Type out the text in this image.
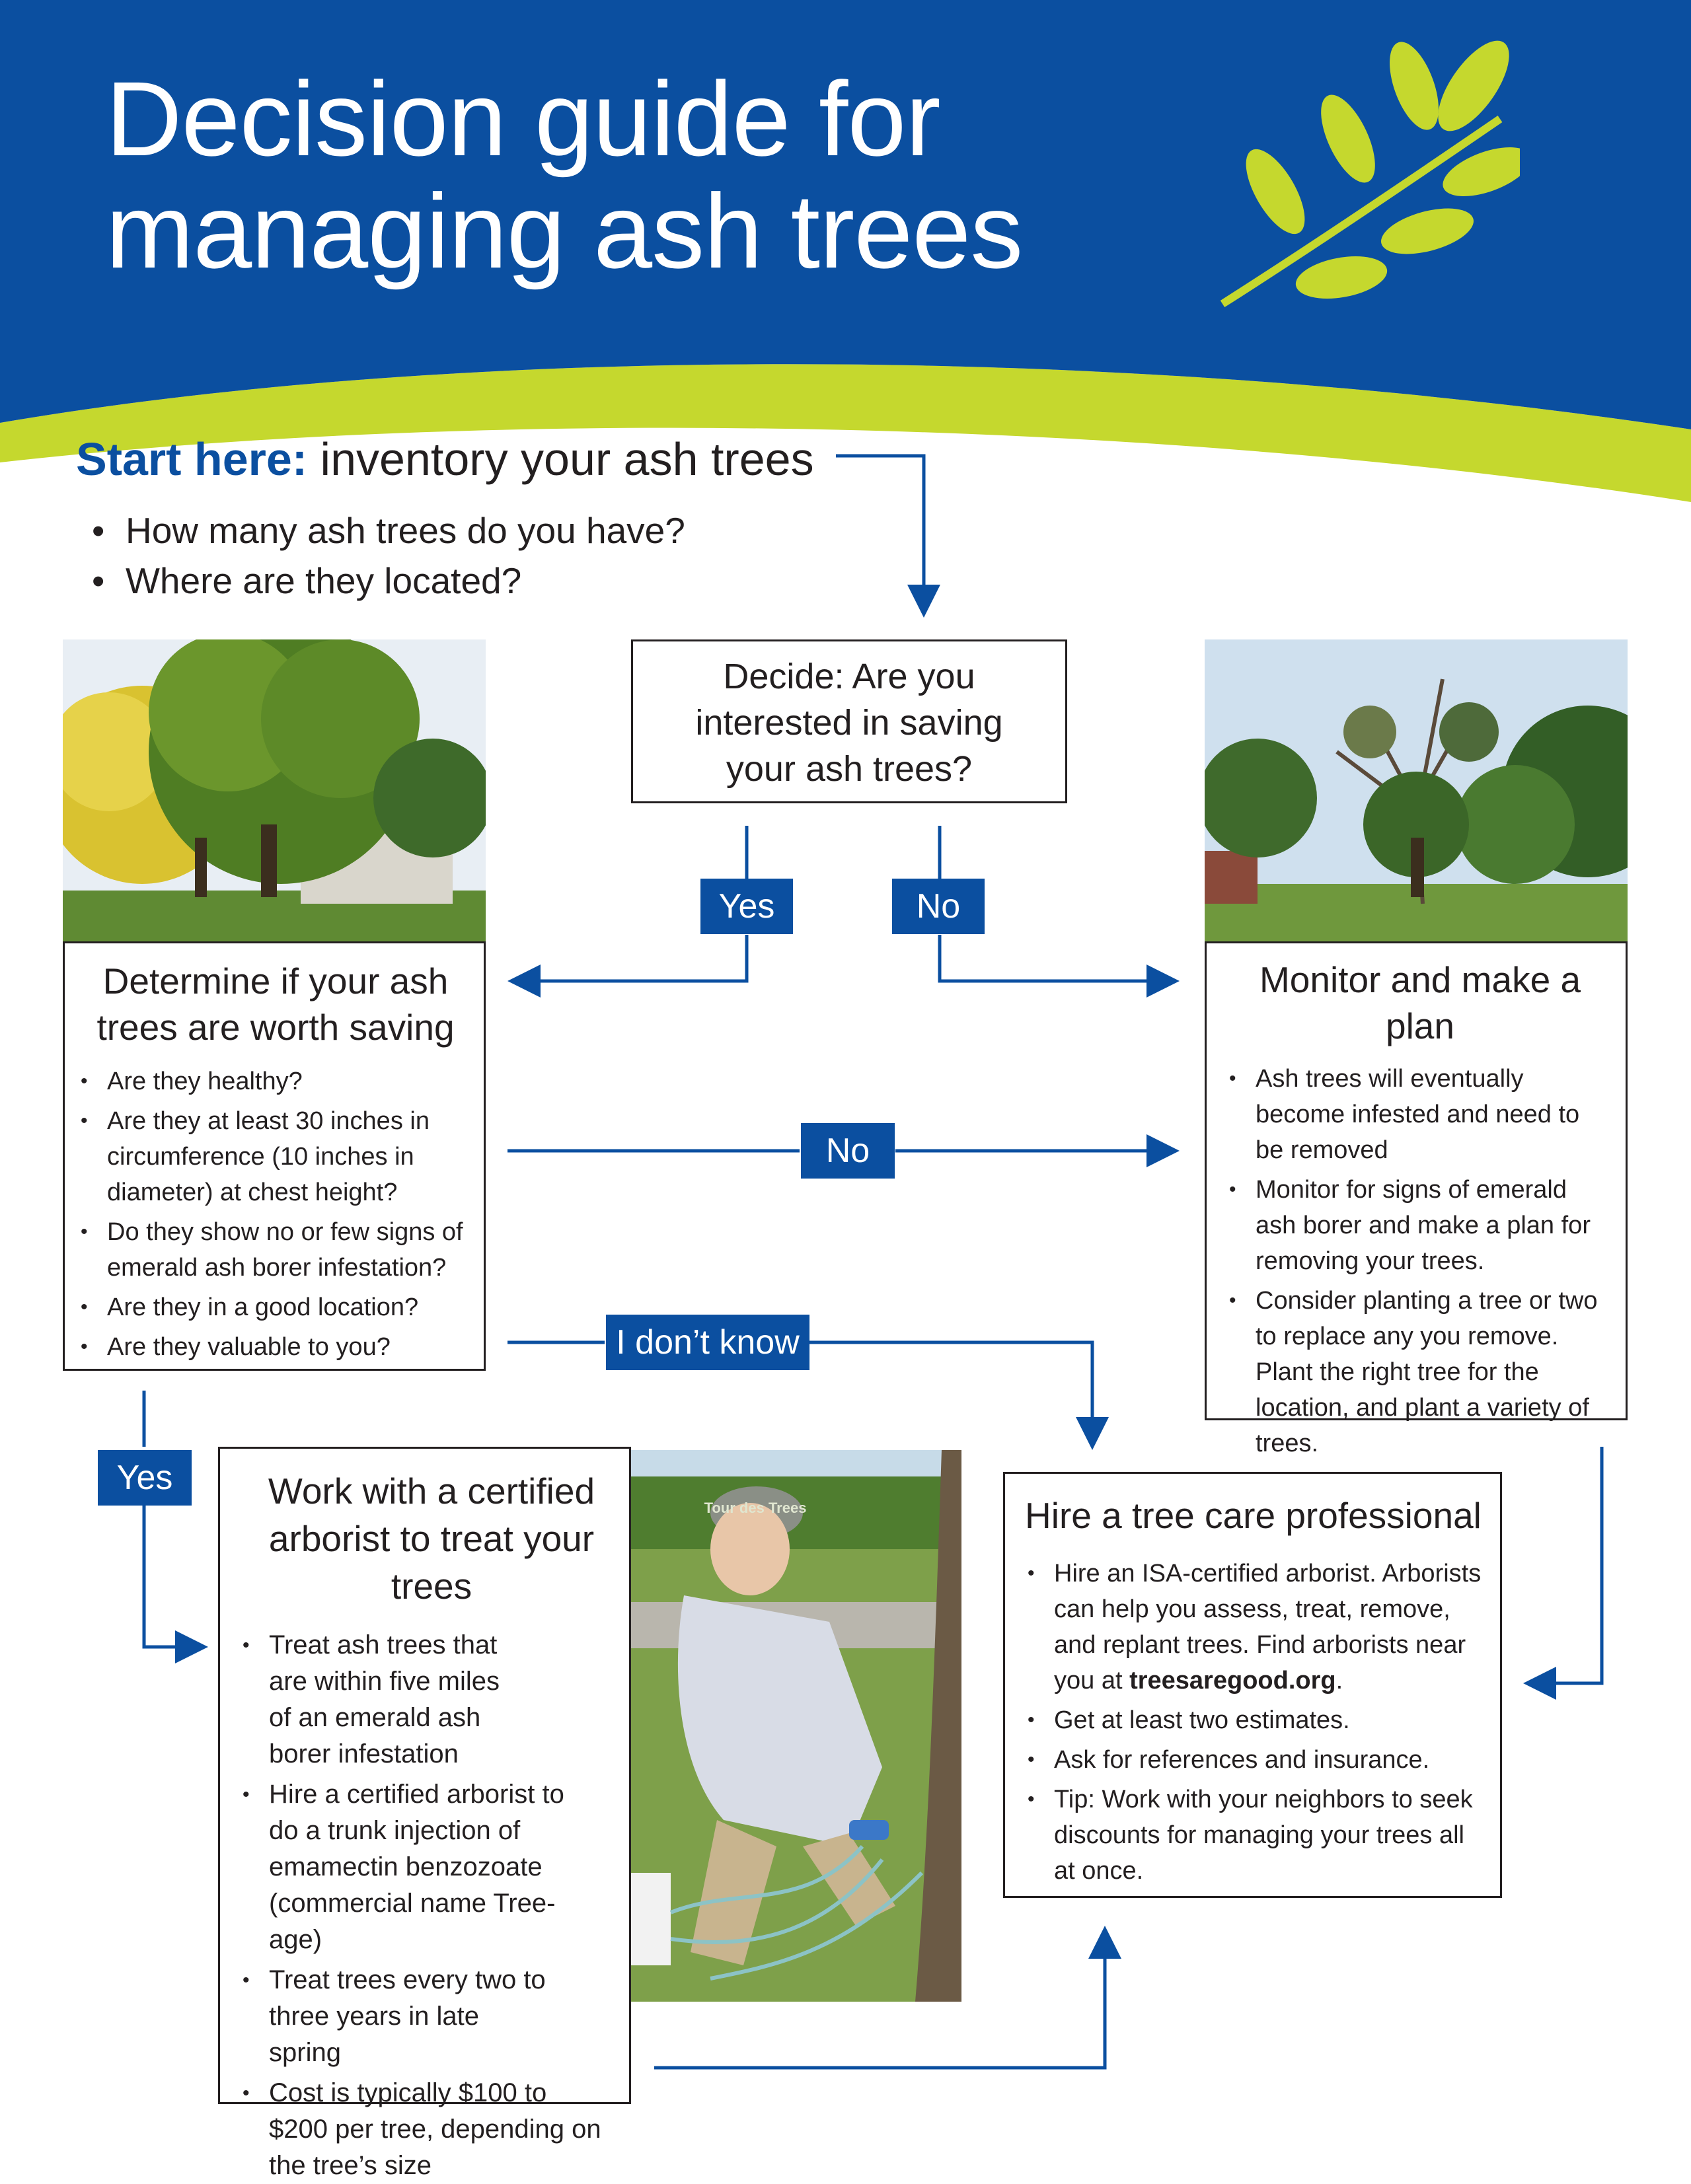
Decision guide for
managing ash trees
Start here: inventory your ash trees
• How many ash trees do you have?
• Where are they located?
Decide: Are you interested in saving your ash trees?
Yes	No
No
I don’t know
Yes
Tour des Trees
Determine if your ash trees are worth saving
• Are they healthy?
• Are they at least 30 inches in circumference (10 inches in diameter) at chest height?
• Do they show no or few signs of emerald ash borer infestation?
• Are they in a good location?
• Are they valuable to you?
Monitor and make a plan
• Ash trees will eventually become infested and need to be removed
• Monitor for signs of emerald ash borer and make a plan for removing your trees.
• Consider planting a tree or two to replace any you remove. Plant the right tree for the location, and plant a variety of trees.
Work with a certified arborist to treat your trees
• Treat ash trees that are within five miles of an emerald ash borer infestation
• Hire a certified arborist to do a trunk injection of emamectin benzozoate (commercial name Tree-age)
• Treat trees every two to three years in late spring
• Cost is typically $100 to $200 per tree, depending on the tree’s size
Hire a tree care professional
• Hire an ISA-certified arborist. Arborists can help you assess, treat, remove, and replant trees. Find arborists near you at treesaregood.org.
• Get at least two estimates.
• Ask for references and insurance.
• Tip: Work with your neighbors to seek discounts for managing your trees all at once.
